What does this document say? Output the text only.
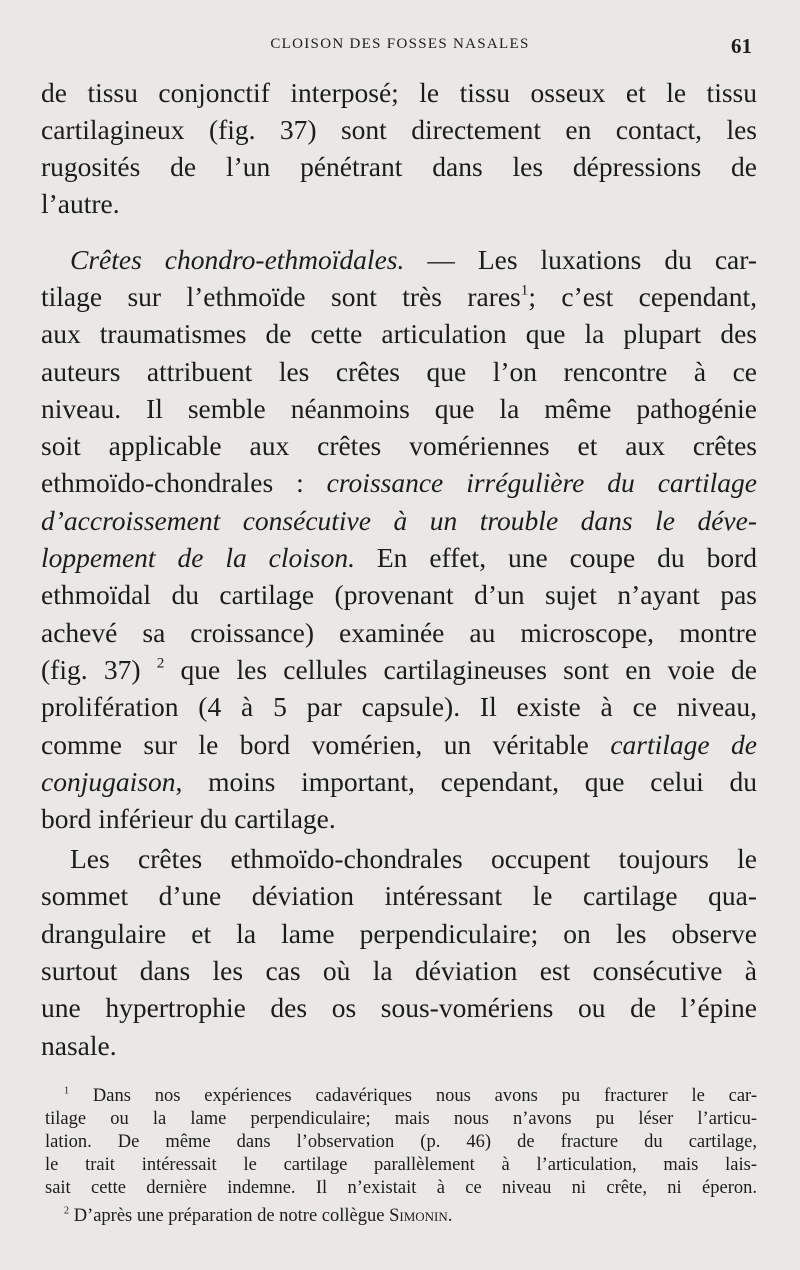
CLOISON DES FOSSES NASALES	61
de tissu conjonctif interposé; le tissu osseux et le tissu
cartilagineux (fig. 37) sont directement en contact, les
rugosités de l’un pénétrant dans les dépressions de
l’autre.
Crêtes chondro-ethmoïdales. — Les luxations du car-
tilage sur l’ethmoïde sont très rares$^1$; c’est cependant,
aux traumatismes de cette articulation que la plupart des
auteurs attribuent les crêtes que l’on rencontre à ce
niveau. Il semble néanmoins que la même pathogénie
soit applicable aux crêtes vomériennes et aux crêtes
ethmoïdo-chondrales : croissance irrégulière du cartilage
d’accroissement consécutive à un trouble dans le déve-
loppement de la cloison. En effet, une coupe du bord
ethmoïdal du cartilage (provenant d’un sujet n’ayant pas
achevé sa croissance) examinée au microscope, montre
(fig. 37) $^2$ que les cellules cartilagineuses sont en voie de
prolifération (4 à 5 par capsule). Il existe à ce niveau,
comme sur le bord vomérien, un véritable cartilage de
conjugaison, moins important, cependant, que celui du
bord inférieur du cartilage.
Les crêtes ethmoïdo-chondrales occupent toujours le
sommet d’une déviation intéressant le cartilage qua-
drangulaire et la lame perpendiculaire; on les observe
surtout dans les cas où la déviation est consécutive à
une hypertrophie des os sous-vomériens ou de l’épine
nasale.
$^1$ Dans nos expériences cadavériques nous avons pu fracturer le car-
tilage ou la lame perpendiculaire; mais nous n’avons pu léser l’articu-
lation. De même dans l’observation (p. 46) de fracture du cartilage,
le trait intéressait le cartilage parallèlement à l’articulation, mais lais-
sait cette dernière indemne. Il n’existait à ce niveau ni crête, ni éperon.
$^2$ D’après une préparation de notre collègue Simonin.
